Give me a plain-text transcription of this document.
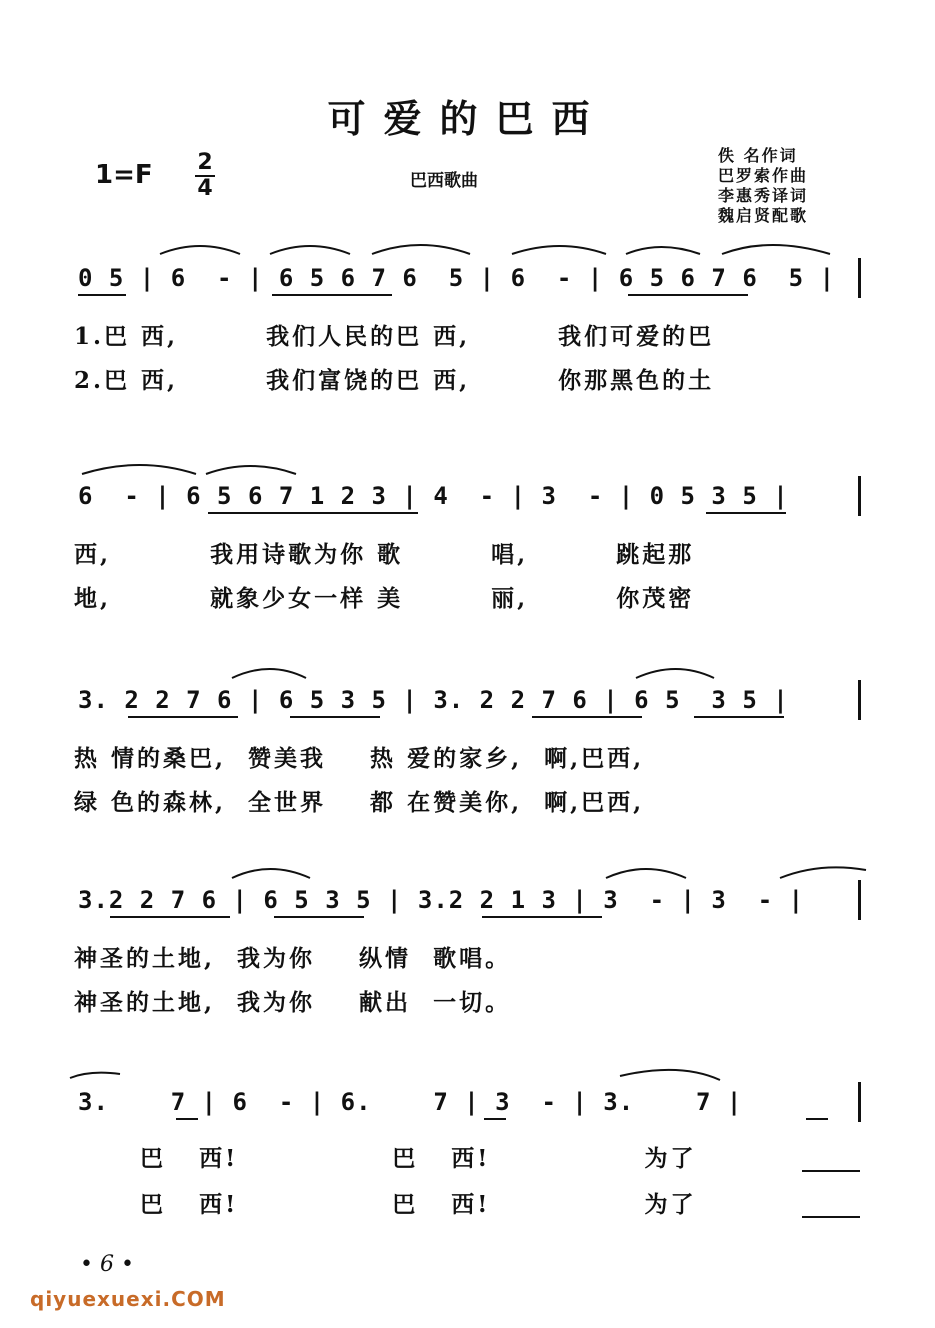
可爱的巴西
1=F 2
4	巴西歌曲
佚 名作词
巴罗索作曲
李惠秀译词
魏启贤配歌
0 5 | 6  - | 6 5 6 7 6  5 | 6  - | 6 5 6 7 6  5 |
1.巴 西,        我们人民的巴 西,        我们可爱的巴
2.巴 西,        我们富饶的巴 西,        你那黑色的土
6  - | 6 5 6 7 1 2 3 | 4  - | 3  - | 0 5 3 5 |
西,         我用诗歌为你 歌        唱,        跳起那
地,         就象少女一样 美        丽,        你茂密
3. 2 2 7 6 | 6 5 3 5 | 3. 2 2 7 6 | 6 5  3 5 |
热 情的桑巴,  赞美我    热 爱的家乡,  啊,巴西,
绿 色的森林,  全世界    都 在赞美你,  啊,巴西,
3.2 2 7 6 | 6 5 3 5 | 3.2 2 1 3 | 3  - | 3  - |
神圣的土地,  我为你    纵情  歌唱。
神圣的土地,  我为你    献出  一切。
3.    7 | 6  - | 6.    7 | 3  - | 3.    7 |
巴   西!              巴   西!              为了
巴   西!              巴   西!              为了
• 6 •
qiyuexuexi.COM
